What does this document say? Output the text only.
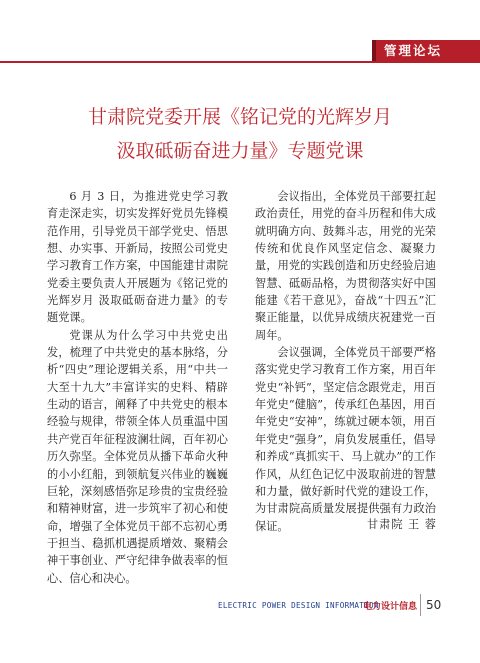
管理论坛
甘肃院党委开展《铭记党的光辉岁月
汲取砥砺奋进力量》专题党课

6 月 3 日，为推进党史学习教育走深走实，切实发挥好党员先锋模范作用，引导党员干部学党史、悟思想、办实事、开新局，按照公司党史学习教育工作方案，中国能建甘肃院党委主要负责人开展题为《铭记党的光辉岁月 汲取砥砺奋进力量》的专题党课。

党课从为什么学习中共党史出发，梳理了中共党史的基本脉络，分析“四史”理论逻辑关系，用“中共一大至十九大”丰富详实的史料、精辟生动的语言，阐释了中共党史的根本经验与规律，带领全体人员重温中国共产党百年征程波澜壮阔，百年初心历久弥坚。全体党员从播下革命火种的小小红船，到领航复兴伟业的巍巍巨轮，深刻感悟弥足珍贵的宝贵经验和精神财富，进一步筑牢了初心和使命，增强了全体党员干部不忘初心勇于担当、稳抓机遇提质增效、聚精会神干事创业、严守纪律争做表率的恒心、信心和决心。

会议指出，全体党员干部要扛起政治责任，用党的奋斗历程和伟大成就明确方向、鼓舞斗志，用党的光荣传统和优良作风坚定信念、凝聚力量，用党的实践创造和历史经验启迪智慧、砥砺品格，为贯彻落实好中国能建《若干意见》，奋战“十四五”汇聚正能量，以优异成绩庆祝建党一百周年。

会议强调，全体党员干部要严格落实党史学习教育工作方案，用百年党史“补钙”，坚定信念跟党走，用百年党史“健脑”，传承红色基因，用百年党史“安神”，练就过硬本领，用百年党史“强身”，肩负发展重任，倡导和养成“真抓实干、马上就办”的工作作风，从红色记忆中汲取前进的智慧和力量，做好新时代党的建设工作，为甘肃院高质量发展提供强有力政治保证。	甘肃院 王 蓉
ELECTRIC POWER DESIGN INFORMATION
电力设计信息 50
